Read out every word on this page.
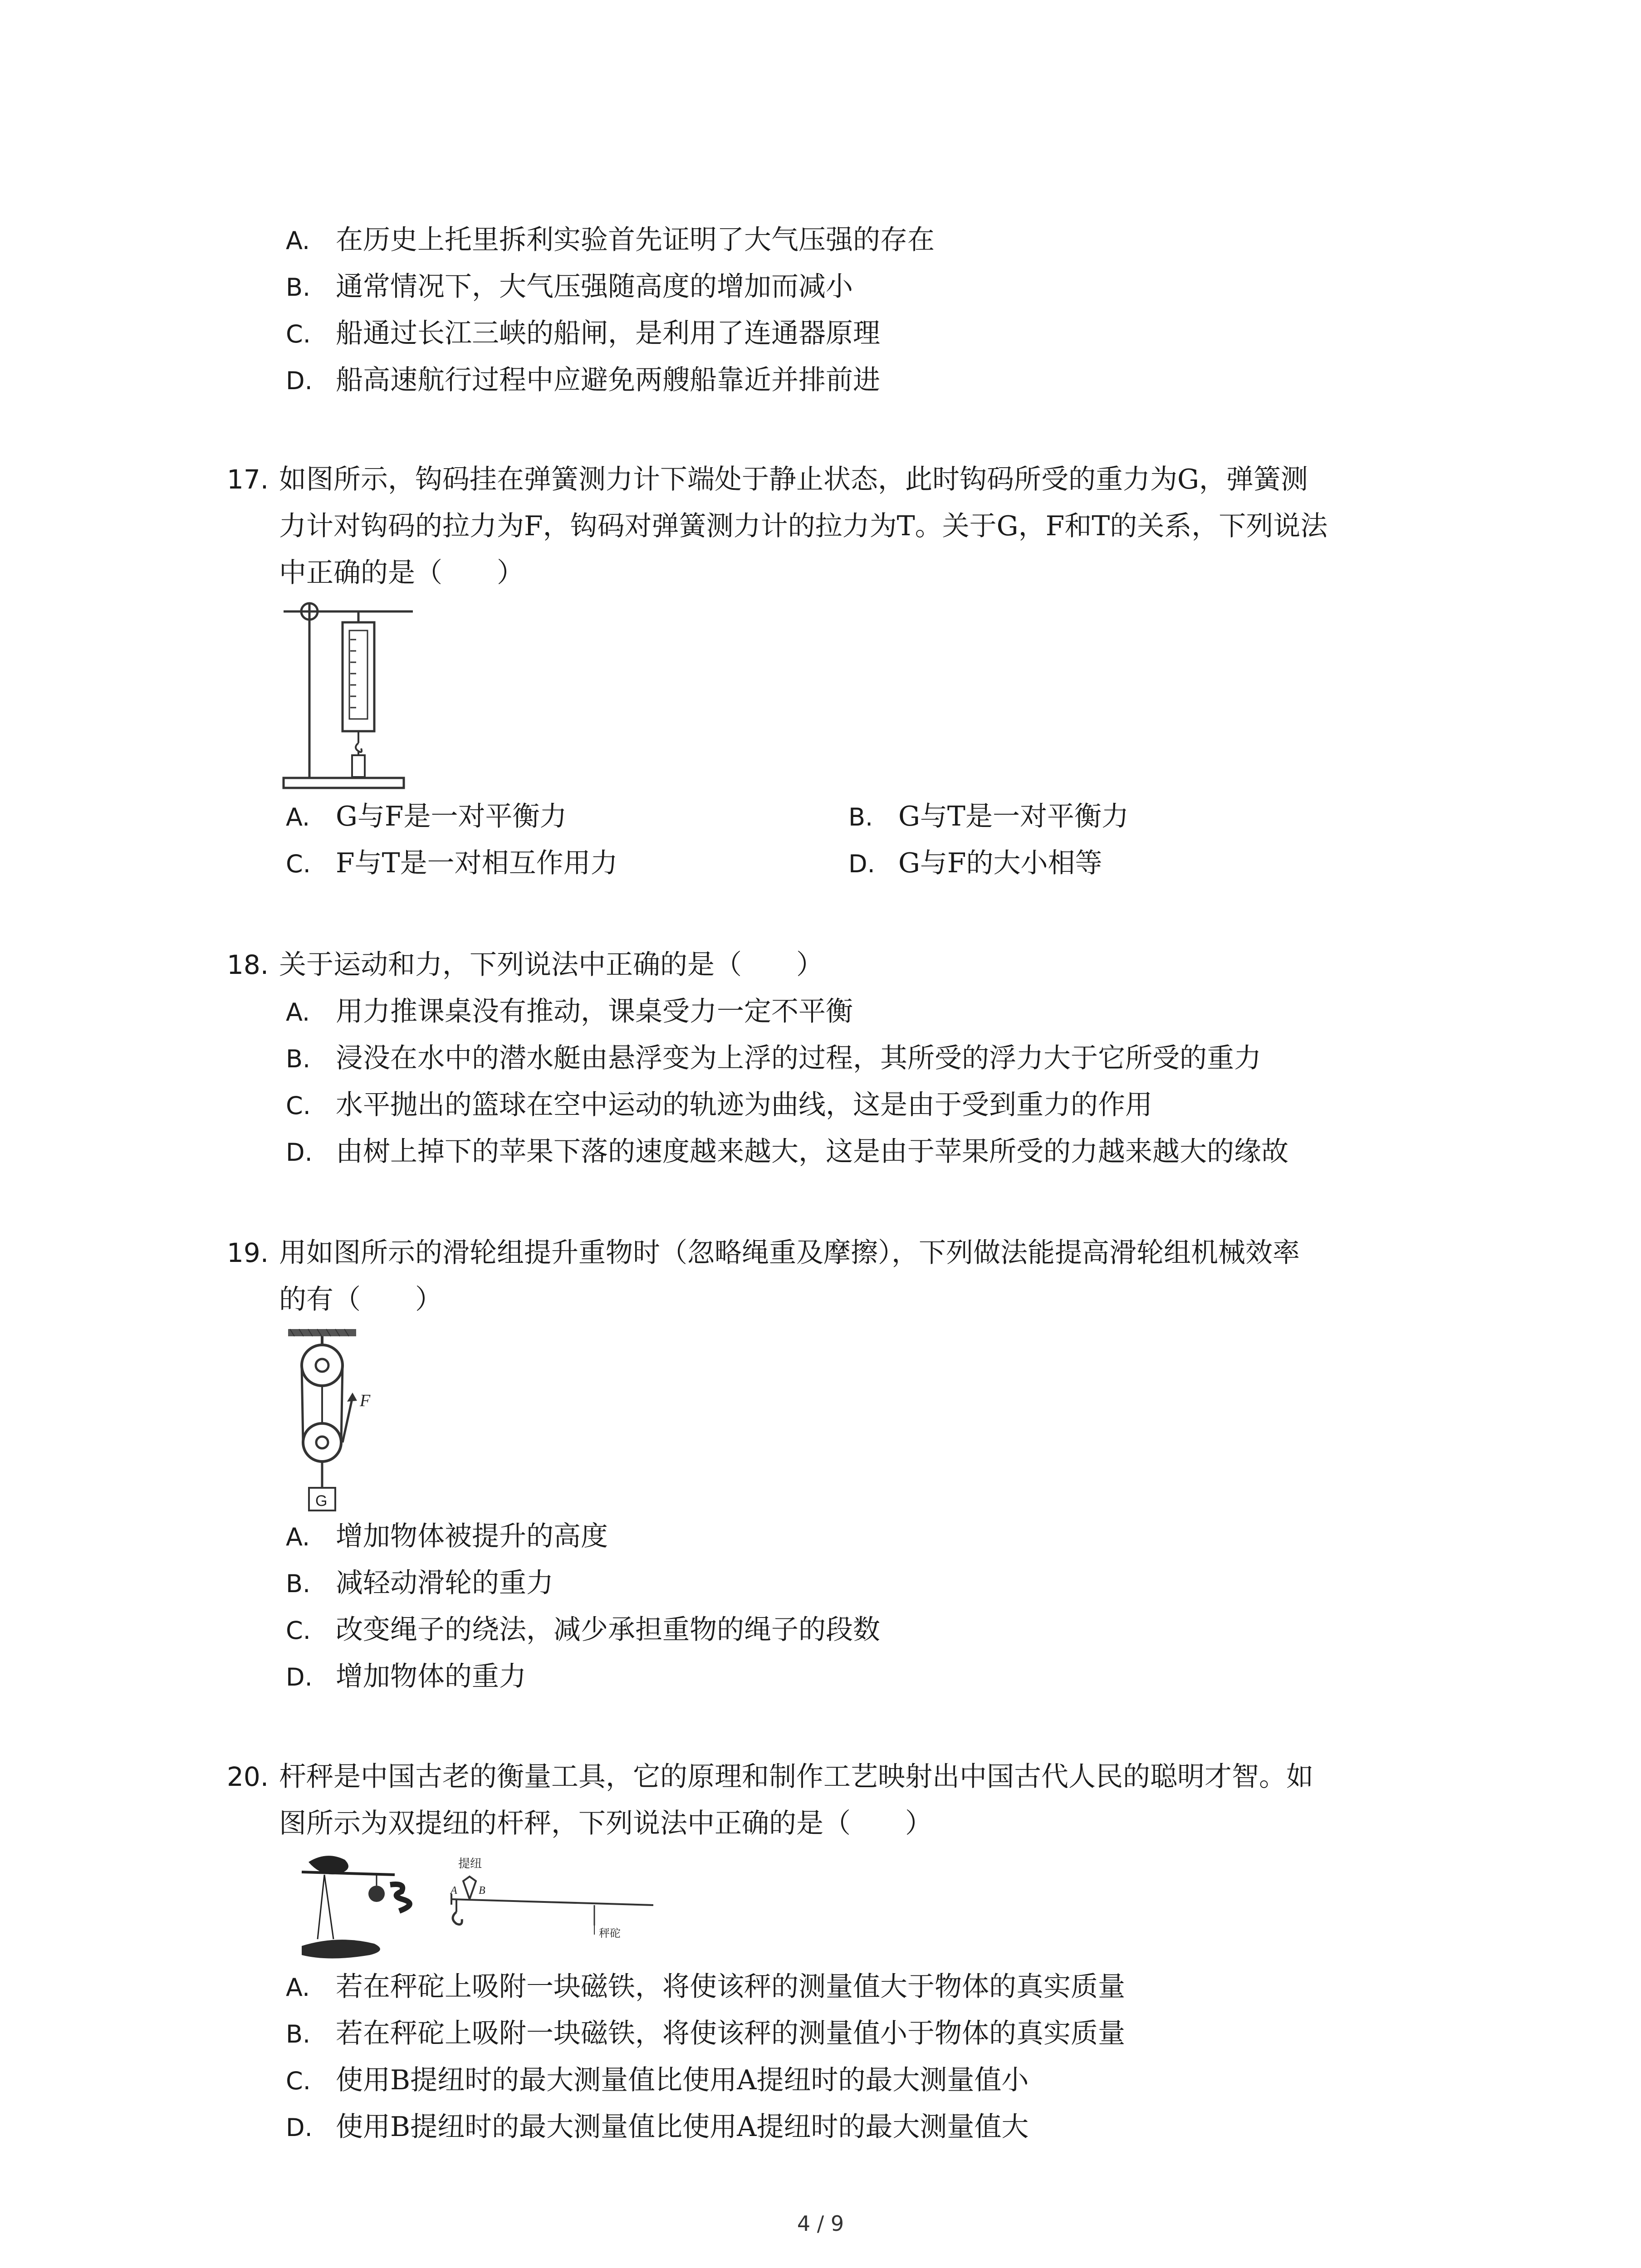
A. 在历史上托里拆利实验首先证明了大气压强的存在
B. 通常情况下，大气压强随高度的增加而减小
C. 船通过长江三峡的船闸，是利用了连通器原理
D. 船高速航行过程中应避免两艘船靠近并排前进
17. 如图所示，钩码挂在弹簧测力计下端处于静止状态，此时钩码所受的重力为G，弹簧测
力计对钩码的拉力为F，钩码对弹簧测力计的拉力为T。关于G，F和T的关系，下列说法
中正确的是（　　）
A. G与F是一对平衡力	B. G与T是一对平衡力
C. F与T是一对相互作用力	D. G与F的大小相等
18. 关于运动和力，下列说法中正确的是（　　）
A. 用力推课桌没有推动，课桌受力一定不平衡
B. 浸没在水中的潜水艇由悬浮变为上浮的过程，其所受的浮力大于它所受的重力
C. 水平抛出的篮球在空中运动的轨迹为曲线，这是由于受到重力的作用
D. 由树上掉下的苹果下落的速度越来越大，这是由于苹果所受的力越来越大的缘故
19. 用如图所示的滑轮组提升重物时（忽略绳重及摩擦），下列做法能提高滑轮组机械效率
的有（　　）
F
G
A. 增加物体被提升的高度
B. 减轻动滑轮的重力
C. 改变绳子的绕法，减少承担重物的绳子的段数
D. 增加物体的重力
20. 杆秤是中国古老的衡量工具，它的原理和制作工艺映射出中国古代人民的聪明才智。如
图所示为双提纽的杆秤，下列说法中正确的是（　　）
提纽
A B
秤砣
A. 若在秤砣上吸附一块磁铁，将使该秤的测量值大于物体的真实质量
B. 若在秤砣上吸附一块磁铁，将使该秤的测量值小于物体的真实质量
C. 使用B提纽时的最大测量值比使用A提纽时的最大测量值小
D. 使用B提纽时的最大测量值比使用A提纽时的最大测量值大
4 / 9
